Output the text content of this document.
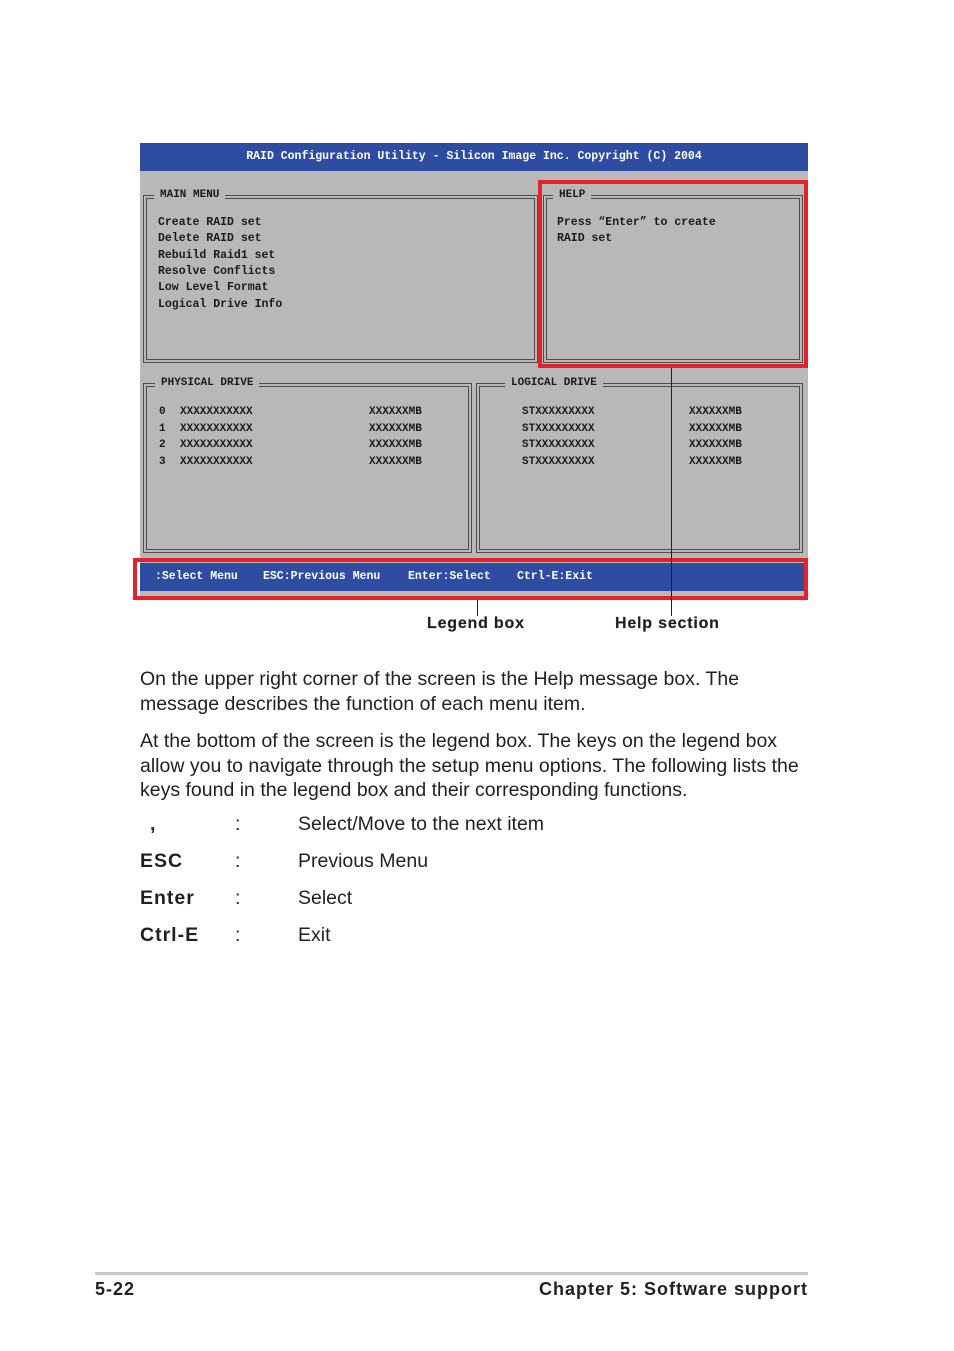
RAID Configuration Utility - Silicon Image Inc. Copyright (C) 2004
MAIN MENU
Create RAID set
Delete RAID set
Rebuild Raid1 set
Resolve Conflicts
Low Level Format
Logical Drive Info
HELP
Press “Enter” to create
RAID set
PHYSICAL DRIVE
0 XXXXXXXXXXX	XXXXXXMB
1 XXXXXXXXXXX	XXXXXXMB
2 XXXXXXXXXXX	XXXXXXMB
3 XXXXXXXXXXX	XXXXXXMB
LOGICAL DRIVE
STXXXXXXXXX	XXXXXXMB
STXXXXXXXXX	XXXXXXMB
STXXXXXXXXX	XXXXXXMB
STXXXXXXXXX	XXXXXXMB
:Select Menu ESC:Previous Menu Enter:Select Ctrl-E:Exit
Legend box	Help section

On the upper right corner of the screen is the Help message box. The message describes the function of each menu item.

At the bottom of the screen is the legend box. The keys on the legend box allow you to navigate through the setup menu options. The following lists the keys found in the legend box and their corresponding functions.

,	:	Select/Move to the next item
ESC	:	Previous Menu
Enter :	Select
Ctrl-E :	Exit
5-22	Chapter 5: Software support
